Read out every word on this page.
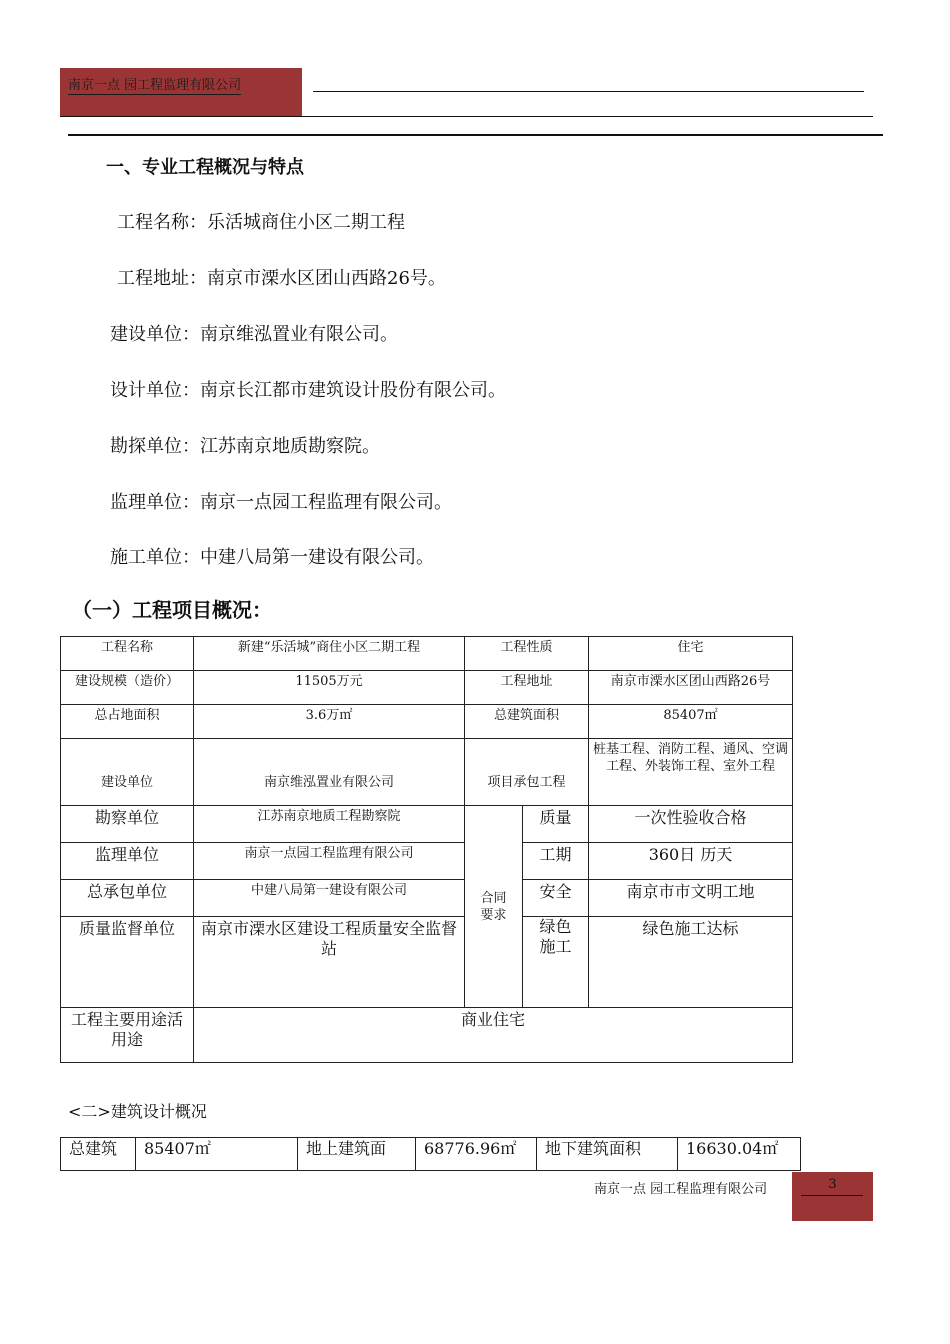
南京一点 园工程监理有限公司
一、专业工程概况与特点
工程名称：乐活城商住小区二期工程
工程地址：南京市溧水区团山西路26号。
建设单位：南京维泓置业有限公司。
设计单位：南京长江都市建筑设计股份有限公司。
勘探单位：江苏南京地质勘察院。
监理单位：南京一点园工程监理有限公司。
施工单位：中建八局第一建设有限公司。
（一）工程项目概况：
工程名称	新建“乐活城”商住小区二期工程	工程性质		住宅
建设规模（造价）	11505万元	工程地址		南京市溧水区团山西路26号
总占地面积	3.6万㎡	总建筑面积		85407㎡
建设单位	南京维泓置业有限公司	项目承包工程		桩基工程、消防工程、通风、空调工程、外装饰工程、室外工程
勘察单位	江苏南京地质工程勘察院	合同要求	质量	一次性验收合格
监理单位	南京一点园工程监理有限公司		工期	360日 历天
总承包单位	中建八局第一建设有限公司		安全	南京市市文明工地
质量监督单位	南京市溧水区建设工程质量安全监督站		绿色施工	绿色施工达标
工程主要用途活用途	商业住宅			
<二>建筑设计概况
总建筑	85407㎡	地上建筑面	68776.96㎡	地下建筑面积	16630.04㎡
南京一点 园工程监理有限公司	3
